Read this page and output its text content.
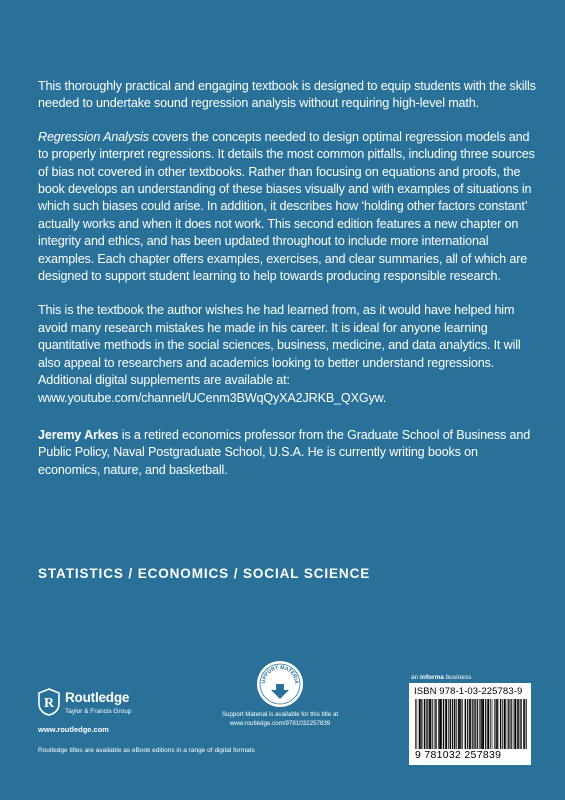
This thoroughly practical and engaging textbook is designed to equip students with the skills needed to undertake sound regression analysis without requiring high-level math.

Regression Analysis covers the concepts needed to design optimal regression models and to properly interpret regressions. It details the most common pitfalls, including three sources of bias not covered in other textbooks. Rather than focusing on equations and proofs, the book develops an understanding of these biases visually and with examples of situations in which such biases could arise. In addition, it describes how ‘holding other factors constant’ actually works and when it does not work. This second edition features a new chapter on integrity and ethics, and has been updated throughout to include more international examples. Each chapter offers examples, exercises, and clear summaries, all of which are designed to support student learning to help towards producing responsible research.

This is the textbook the author wishes he had learned from, as it would have helped him avoid many research mistakes he made in his career. It is ideal for anyone learning quantitative methods in the social sciences, business, medicine, and data analytics. It will also appeal to researchers and academics looking to better understand regressions. Additional digital supplements are available at: www.youtube.com/channel/UCenm3BWqQyXA2JRKB_QXGyw.

Jeremy Arkes is a retired economics professor from the Graduate School of Business and Public Policy, Naval Postgraduate School, U.S.A. He is currently writing books on economics, nature, and basketball.

STATISTICS / ECONOMICS / SOCIAL SCIENCE
an informa business
ISBN 978-1-03-225783-9
9 781032 257839
UPPORT MATERIA
Support Material is available for this title at
www.routledge.com/9781032257839
R Routledge
Taylor & Francis Group
www.routledge.com
Routledge titles are available as eBook editions in a range of digital formats
